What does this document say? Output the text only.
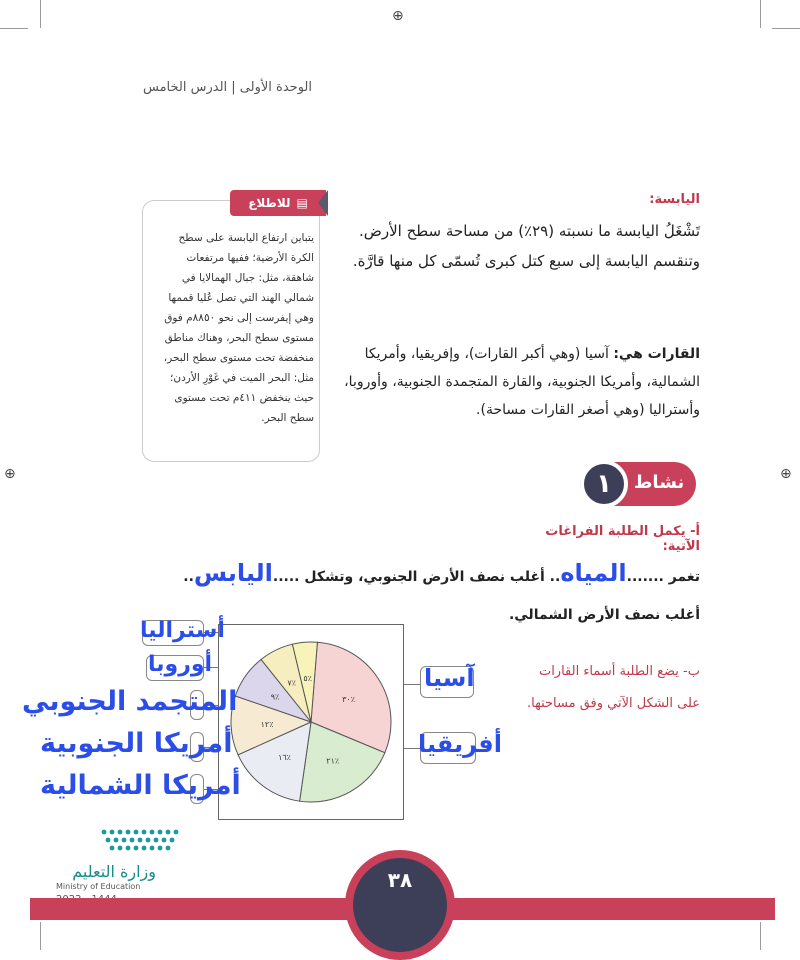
⊕
⊕	⊕
الوحدة الأولى | الدرس الخامس
اليابسة:
تَشْغَلُ اليابسة ما نسبته (٢٩٪) من مساحة سطح الأرض. وتنقسم اليابسة إلى سبع كتل كبرى تُسمّى كل منها قارَّة.
القارات هي: آسيا (وهي أكبر القارات)، وإفريقيا، وأمريكا الشمالية، وأمريكا الجنوبية، والقارة المتجمدة الجنوبية، وأوروبا، وأستراليا (وهي أصغر القارات مساحة).
▤
للاطلاع
يتباين ارتفاع اليابسة على سطح الكرة الأرضية؛ ففيها مرتفعات شاهقة، مثل: جبال الهمالايا في شمالي الهند التي تصل عُليا قممها وهي إيفرست إلى نحو ٨٨٥٠م فوق مستوى سطح البحر، وهناك مناطق منخفضة تحت مستوى سطح البحر، مثل: البحر الميت في غَوْرِ الأردن؛ حيث ينخفض ٤١١م تحت مستوى سطح البحر.
نشاط
١
أ- يكمل الطلبة الفراغات الآتية:
تغمر .......المياه.. أغلب نصف الأرض الجنوبي، وتشكل .....اليابس.. أغلب نصف الأرض الشمالي.
ب- يضع الطلبة أسماء القارات
على الشكل الآتي وفق مساحتها.
٣٠٪
٢١٪
١٦٪
١٢٪
٩٪
٧٪ ٥٪
أستراليا
أوروبا
المتجمد الجنوبي
أمريكا الجنوبية
أمريكا الشمالية
آسيا
أفريقيا
وزارة التعليم
Ministry of Education	٣٨
